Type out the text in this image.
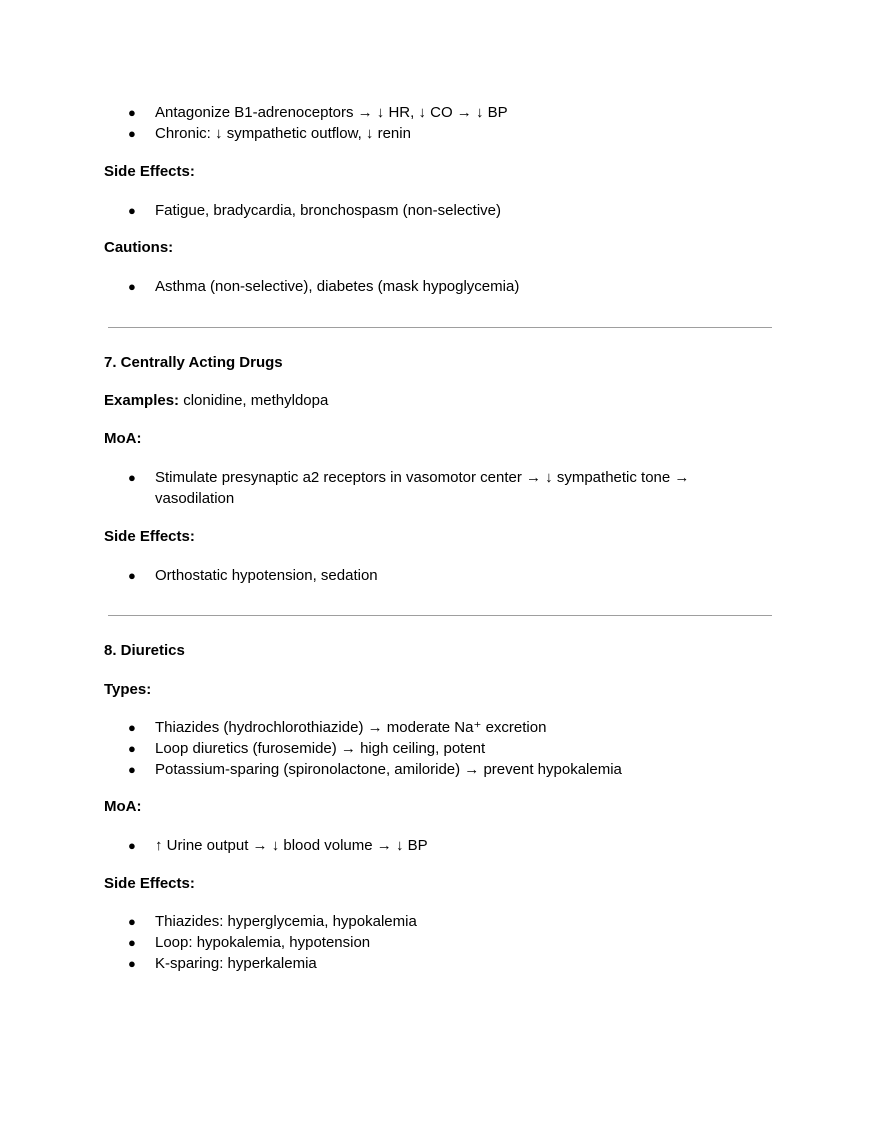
● Antagonize B1-adrenoceptors → ↓ HR, ↓ CO → ↓ BP
● Chronic: ↓ sympathetic outflow, ↓ renin

Side Effects:

● Fatigue, bradycardia, bronchospasm (non-selective)

Cautions:

● Asthma (non-selective), diabetes (mask hypoglycemia)

7. Centrally Acting Drugs

Examples: clonidine, methyldopa

MoA:

● Stimulate presynaptic a2 receptors in vasomotor center → ↓ sympathetic tone → vasodilation

Side Effects:

● Orthostatic hypotension, sedation

8. Diuretics

Types:

● Thiazides (hydrochlorothiazide) → moderate Na⁺ excretion
● Loop diuretics (furosemide) → high ceiling, potent
● Potassium-sparing (spironolactone, amiloride) → prevent hypokalemia

MoA:

● ↑ Urine output → ↓ blood volume → ↓ BP

Side Effects:

● Thiazides: hyperglycemia, hypokalemia
● Loop: hypokalemia, hypotension
● K-sparing: hyperkalemia
